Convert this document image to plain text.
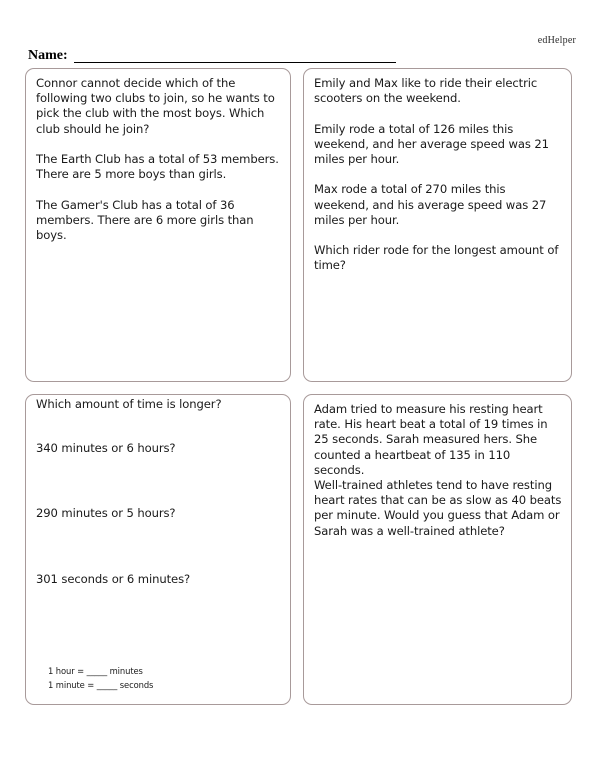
edHelper
Name:

Connor cannot decide which of the following two clubs to join, so he wants to pick the club with the most boys. Which club should he join?

The Earth Club has a total of 53 members. There are 5 more boys than girls.

The Gamer's Club has a total of 36 members. There are 6 more girls than boys.

Emily and Max like to ride their electric scooters on the weekend.

Emily rode a total of 126 miles this weekend, and her average speed was 21 miles per hour.

Max rode a total of 270 miles this weekend, and his average speed was 27 miles per hour.

Which rider rode for the longest amount of time?

Which amount of time is longer?

340 minutes or 6 hours?

290 minutes or 5 hours?

301 seconds or 6 minutes?

1 hour = _____ minutes

1 minute = _____ seconds

Adam tried to measure his resting heart rate. His heart beat a total of 19 times in 25 seconds. Sarah measured hers. She counted a heartbeat of 135 in 110 seconds.

Well-trained athletes tend to have resting heart rates that can be as slow as 40 beats per minute. Would you guess that Adam or Sarah was a well-trained athlete?
